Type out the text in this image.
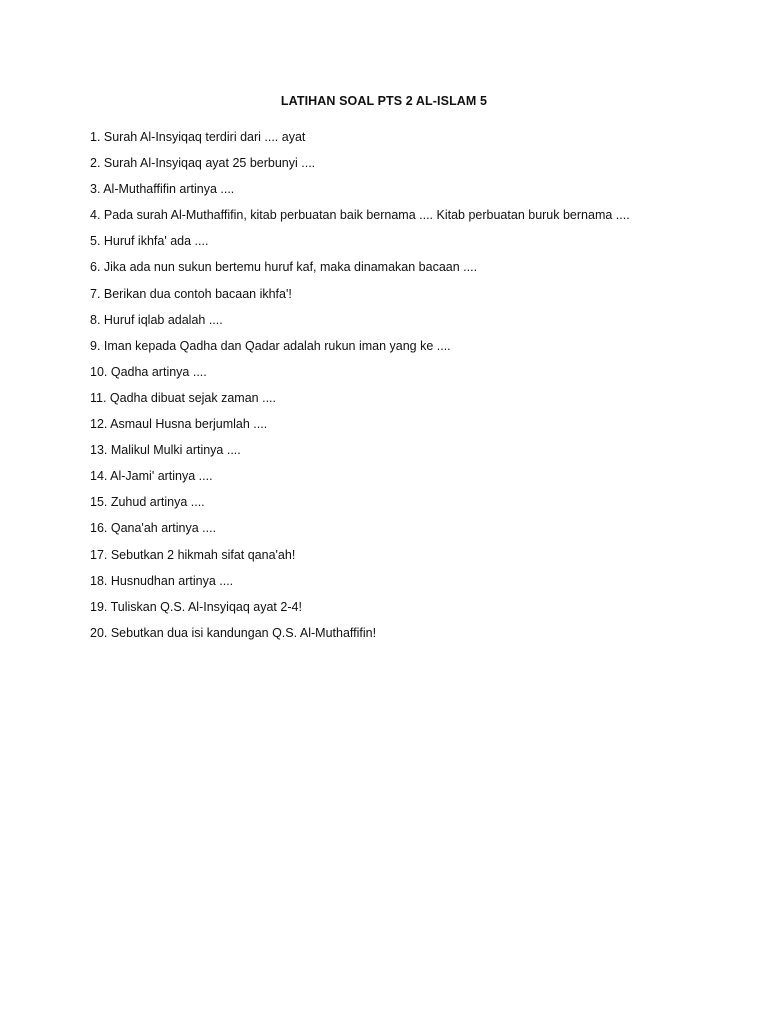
LATIHAN SOAL PTS 2 AL-ISLAM 5
1. Surah Al-Insyiqaq terdiri dari .... ayat
2. Surah Al-Insyiqaq ayat 25 berbunyi ....
3. Al-Muthaffifin artinya ....
4. Pada surah Al-Muthaffifin, kitab perbuatan baik bernama .... Kitab perbuatan buruk bernama ....
5. Huruf ikhfa' ada ....
6. Jika ada nun sukun bertemu huruf kaf, maka dinamakan bacaan ....
7. Berikan dua contoh bacaan ikhfa'!
8. Huruf iqlab adalah ....
9. Iman kepada Qadha dan Qadar adalah rukun iman yang ke ....
10. Qadha artinya ....
11. Qadha dibuat sejak zaman ....
12. Asmaul Husna berjumlah ....
13. Malikul Mulki artinya ....
14. Al-Jami' artinya ....
15. Zuhud artinya ....
16. Qana'ah artinya ....
17. Sebutkan 2 hikmah sifat qana'ah!
18. Husnudhan artinya ....
19. Tuliskan Q.S. Al-Insyiqaq ayat 2-4!
20. Sebutkan dua isi kandungan Q.S. Al-Muthaffifin!
